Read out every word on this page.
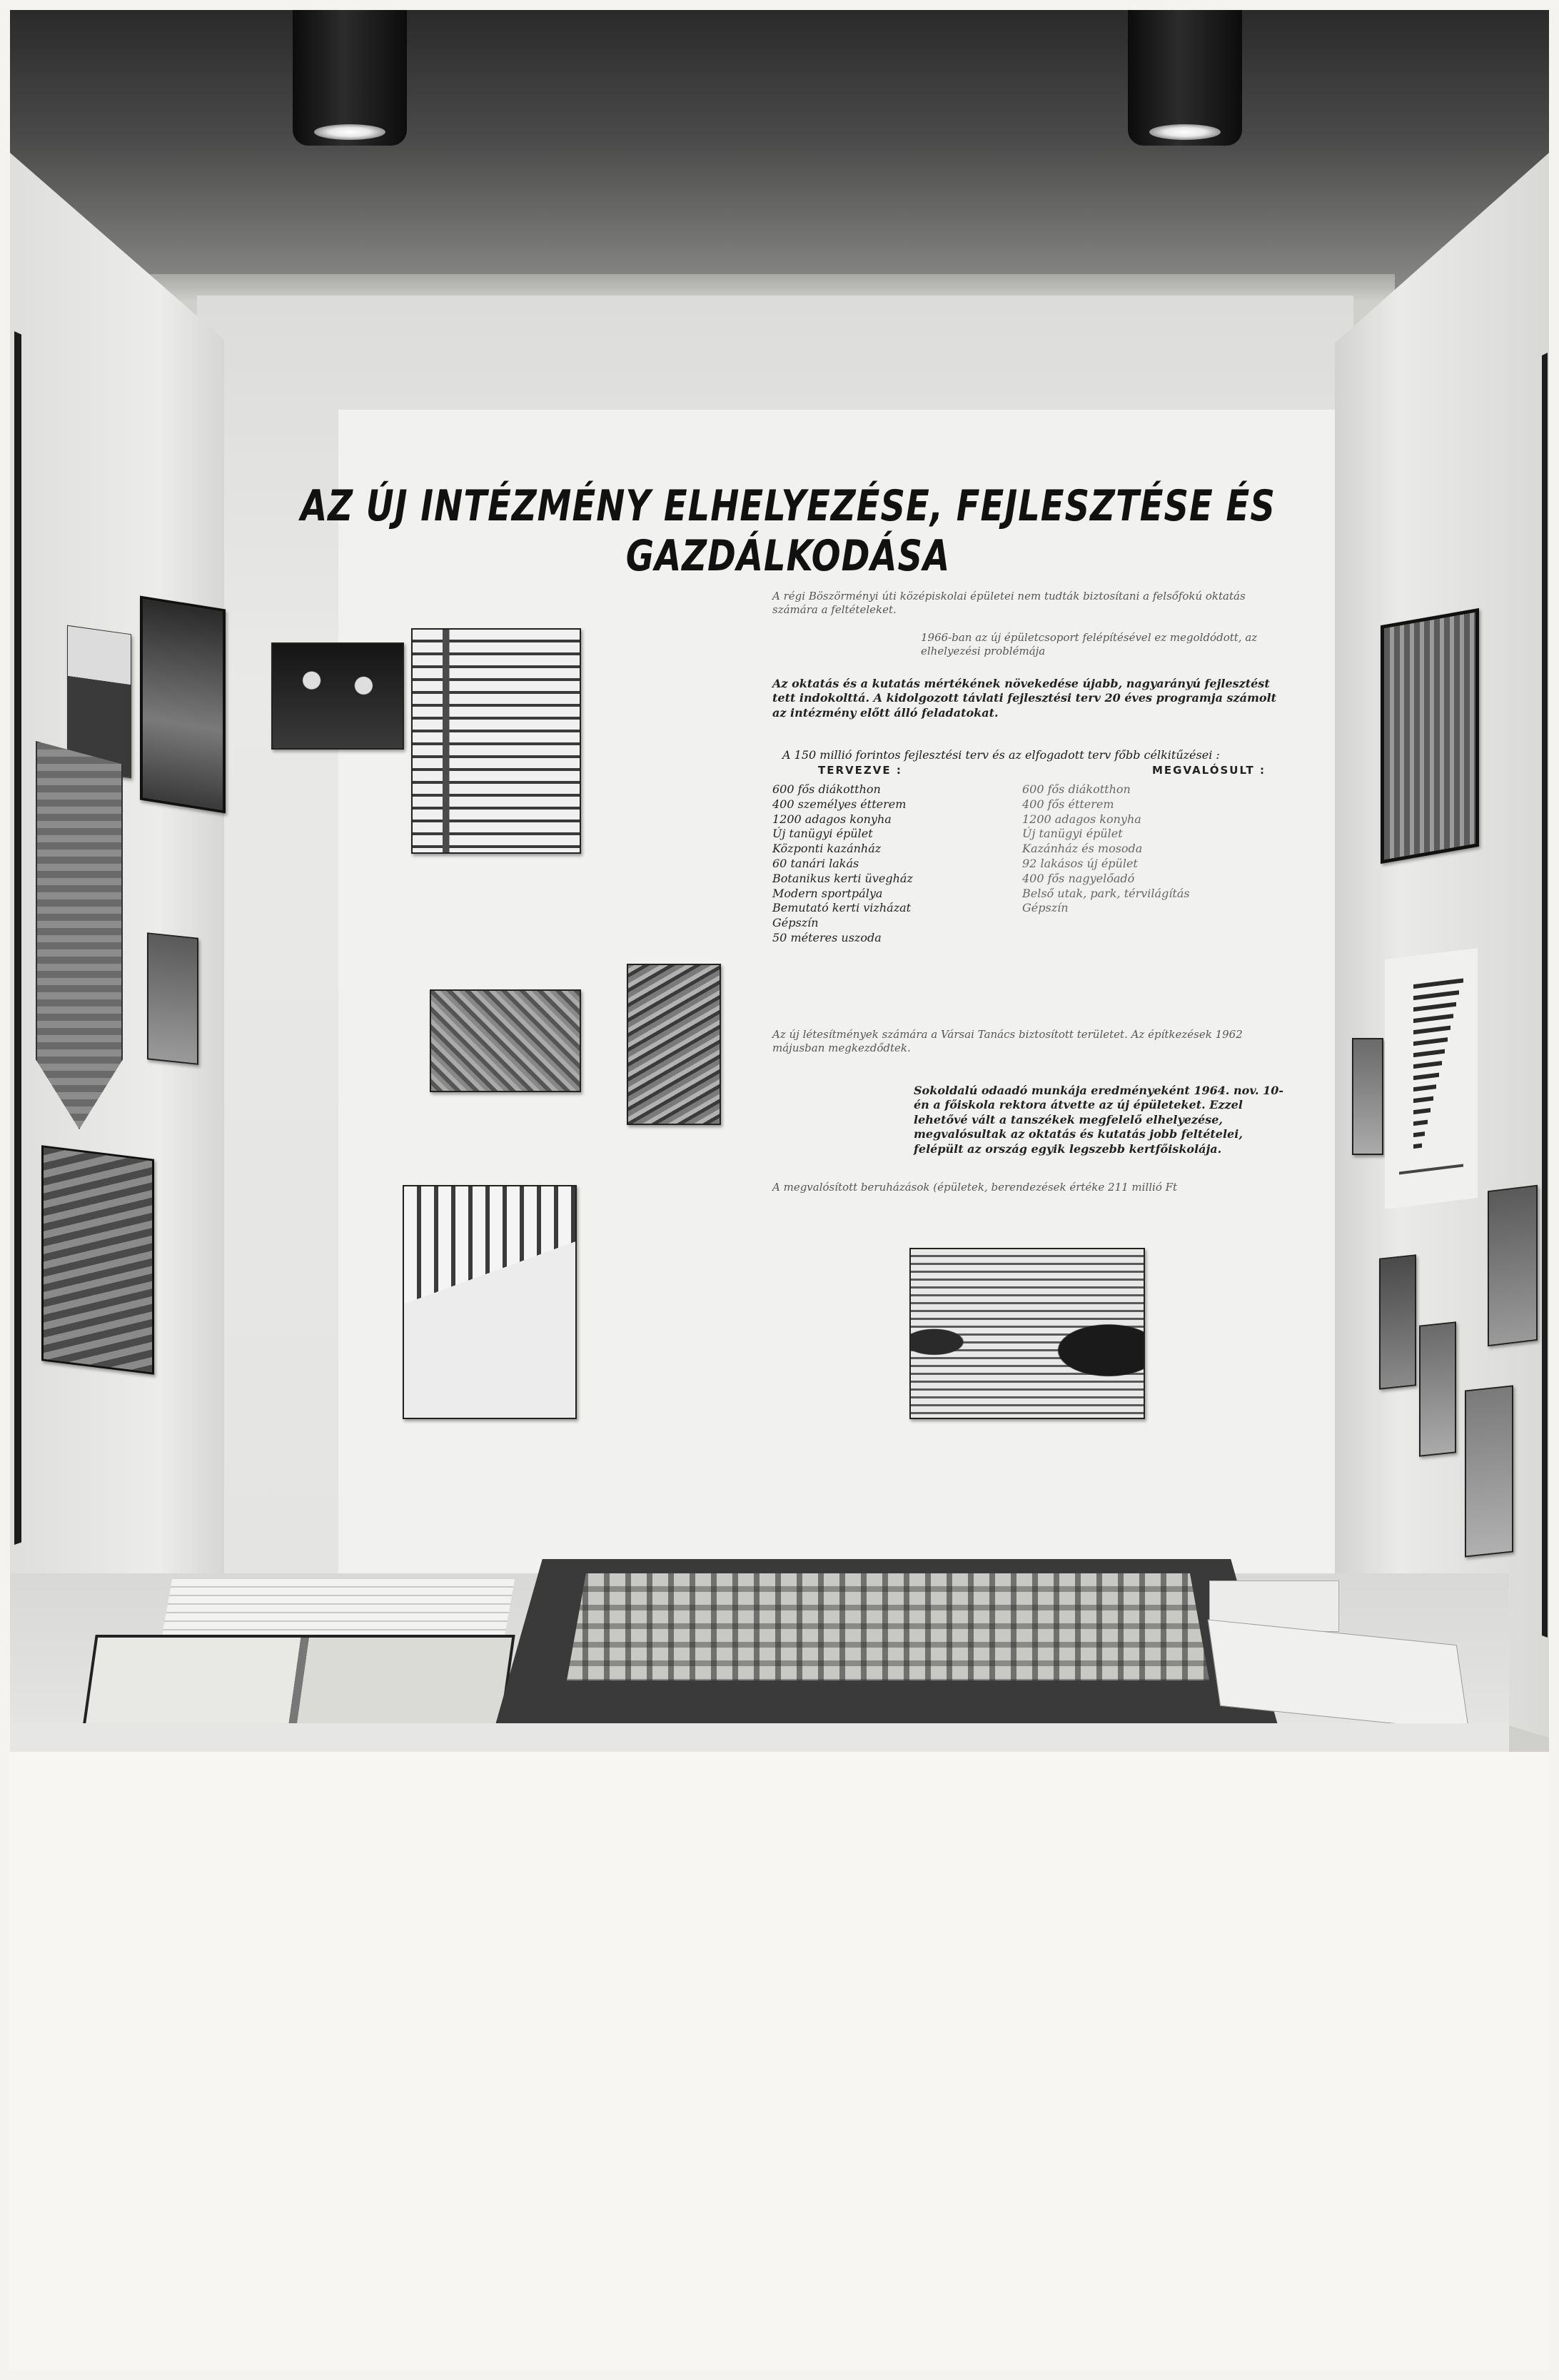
AZ ÚJ INTÉZMÉNY ELHELYEZÉSE, FEJLESZTÉSE ÉS GAZDÁLKODÁSA
A régi Böszörményi úti középiskolai épületei nem tudták biztosítani a felsőfokú oktatás számára a feltételeket.
1966-ban az új épületcsoport felépítésével ez megoldódott, az elhelyezési problémája
Az oktatás és a kutatás mértékének növekedése újabb, nagyarányú fejlesztést tett indokolttá. A kidolgozott távlati fejlesztési terv 20 éves programja számolt az intézmény előtt álló feladatokat.
A 150 millió forintos fejlesztési terv és az elfogadott terv főbb célkitűzései :
TERVEZVE :	MEGVALÓSULT :
600 fős diákotthon
400 személyes étterem
1200 adagos konyha
Új tanügyi épület
Központi kazánház
60 tanári lakás
Botanikus kerti üvegház
Modern sportpálya
Bemutató kerti vizházat
Gépszín
50 méteres uszoda
600 fős diákotthon
400 fős étterem
1200 adagos konyha
Új tanügyi épület
Kazánház és mosoda
92 lakásos új épület
400 fős nagyelőadó
Belső utak, park, térvilágítás
Gépszín
Az új létesítmények számára a Vársai Tanács biztosított területet. Az építkezések 1962 májusban megkezdődtek.
Sokoldalú odaadó munkája eredményeként 1964. nov. 10-én a főiskola rektora átvette az új épületeket. Ezzel lehetővé vált a tanszékek megfelelő elhelyezése, megvalósultak az oktatás és kutatás jobb feltételei, felépült az ország egyik legszebb kertfőiskolája.
A megvalósított beruházások (épületek, berendezések értéke 211 millió Ft
